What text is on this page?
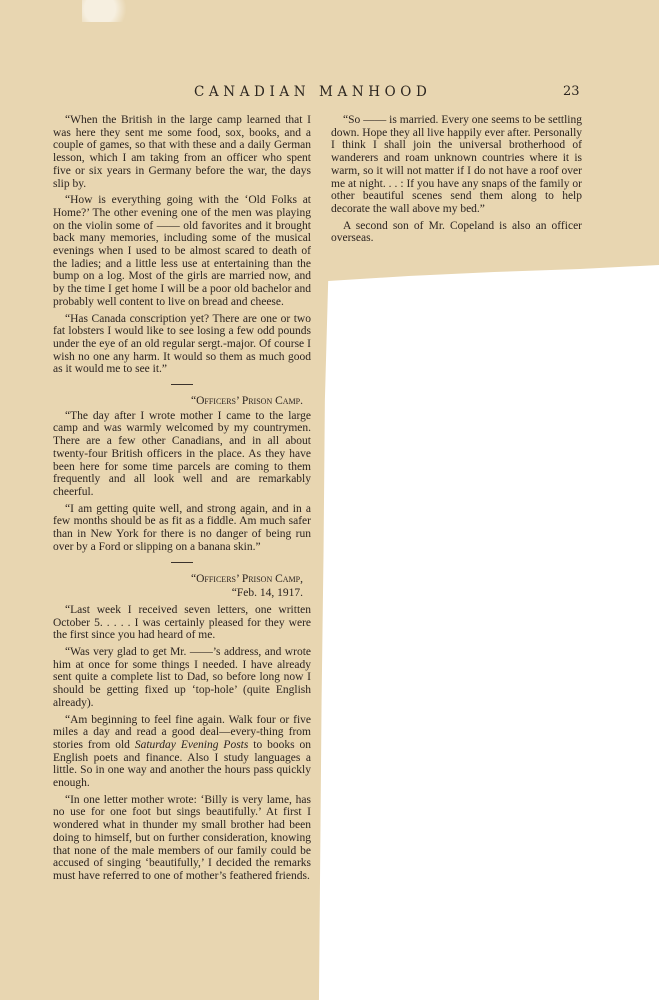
CANADIAN MANHOOD	23

“When the British in the large camp learned that I was here they sent me some food, sox, books, and a couple of games, so that with these and a daily German lesson, which I am taking from an officer who spent five or six years in Germany before the war, the days slip by.

“How is everything going with the ‘Old Folks at Home?’ The other evening one of the men was playing on the violin some of —— old favorites and it brought back many memories, including some of the musical evenings when I used to be almost scared to death of the ladies; and a little less use at entertaining than the bump on a log. Most of the girls are married now, and by the time I get home I will be a poor old bachelor and probably well content to live on bread and cheese.

“Has Canada conscription yet? There are one or two fat lobsters I would like to see losing a few odd pounds under the eye of an old regular sergt.-major. Of course I wish no one any harm. It would so them as much good as it would me to see it.”

“Officers’ Prison Camp.

“The day after I wrote mother I came to the large camp and was warmly welcomed by my countrymen. There are a few other Canadians, and in all about twenty-four British officers in the place. As they have been here for some time parcels are coming to them frequently and all look well and are remarkably cheerful.

“I am getting quite well, and strong again, and in a few months should be as fit as a fiddle. Am much safer than in New York for there is no danger of being run over by a Ford or slipping on a banana skin.”

“Officers’ Prison Camp,
“Feb. 14, 1917.

“Last week I received seven letters, one written October 5. . . . . I was certainly pleased for they were the first since you had heard of me.

“Was very glad to get Mr. ——’s address, and wrote him at once for some things I needed. I have already sent quite a complete list to Dad, so before long now I should be getting fixed up ‘top-hole’ (quite English already).

“Am beginning to feel fine again. Walk four or five miles a day and read a good deal—every-thing from stories from old Saturday Evening Posts to books on English poets and finance. Also I study languages a little. So in one way and another the hours pass quickly enough.

“In one letter mother wrote: ‘Billy is very lame, has no use for one foot but sings beautifully.’ At first I wondered what in thunder my small brother had been doing to himself, but on further consideration, knowing that none of the male members of our family could be accused of singing ‘beautifully,’ I decided the remarks must have referred to one of mother’s feathered friends.

“So —— is married. Every one seems to be settling down. Hope they all live happily ever after. Personally I think I shall join the universal brotherhood of wanderers and roam unknown countries where it is warm, so it will not matter if I do not have a roof over me at night. . . : If you have any snaps of the family or other beautiful scenes send them along to help decorate the wall above my bed.”

A second son of Mr. Copeland is also an officer overseas.
